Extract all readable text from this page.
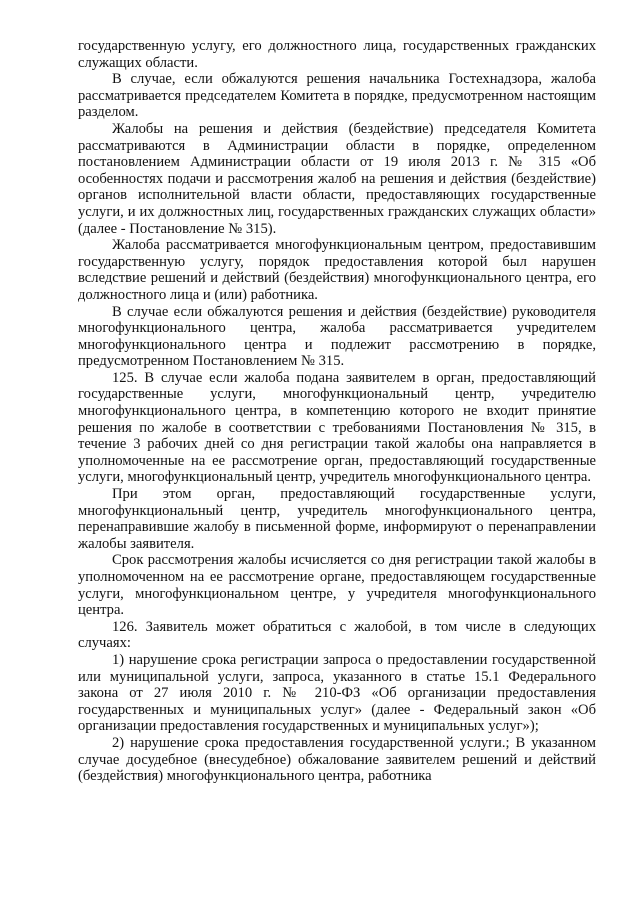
государственную услугу, его должностного лица, государственных гражданских служащих области.

В случае, если обжалуются решения начальника Гостехнадзора, жалоба рассматривается председателем Комитета в порядке, предусмотренном настоящим разделом.

Жалобы на решения и действия (бездействие) председателя Комитета рассматриваются в Администрации области в порядке, определенном постановлением Администрации области от 19 июля 2013 г. № 315 «Об особенностях подачи и рассмотрения жалоб на решения и действия (бездействие) органов исполнительной власти области, предоставляющих государственные услуги, и их должностных лиц, государственных гражданских служащих области» (далее - Постановление № 315).

Жалоба рассматривается многофункциональным центром, предоставившим государственную услугу, порядок предоставления которой был нарушен вследствие решений и действий (бездействия) многофункционального центра, его должностного лица и (или) работника.

В случае если обжалуются решения и действия (бездействие) руководителя многофункционального центра, жалоба рассматривается учредителем многофункционального центра и подлежит рассмотрению в порядке, предусмотренном Постановлением № 315.

125. В случае если жалоба подана заявителем в орган, предоставляющий государственные услуги, многофункциональный центр, учредителю многофункционального центра, в компетенцию которого не входит принятие решения по жалобе в соответствии с требованиями Постановления № 315, в течение 3 рабочих дней со дня регистрации такой жалобы она направляется в уполномоченные на ее рассмотрение орган, предоставляющий государственные услуги, многофункциональный центр, учредитель многофункционального центра.

При этом орган, предоставляющий государственные услуги, многофункциональный центр, учредитель многофункционального центра, перенаправившие жалобу в письменной форме, информируют о перенаправлении жалобы заявителя.

Срок рассмотрения жалобы исчисляется со дня регистрации такой жалобы в уполномоченном на ее рассмотрение органе, предоставляющем государственные услуги, многофункциональном центре, у учредителя многофункционального центра.

126. Заявитель может обратиться с жалобой, в том числе в следующих случаях:

1) нарушение срока регистрации запроса о предоставлении государственной или муниципальной услуги, запроса, указанного в статье 15.1 Федерального закона от 27 июля 2010 г. № 210-ФЗ «Об организации предоставления государственных и муниципальных услуг» (далее - Федеральный закон «Об организации предоставления государственных и муниципальных услуг»);

2) нарушение срока предоставления государственной услуги.; В указанном случае досудебное (внесудебное) обжалование заявителем решений и действий (бездействия) многофункционального центра, работника
